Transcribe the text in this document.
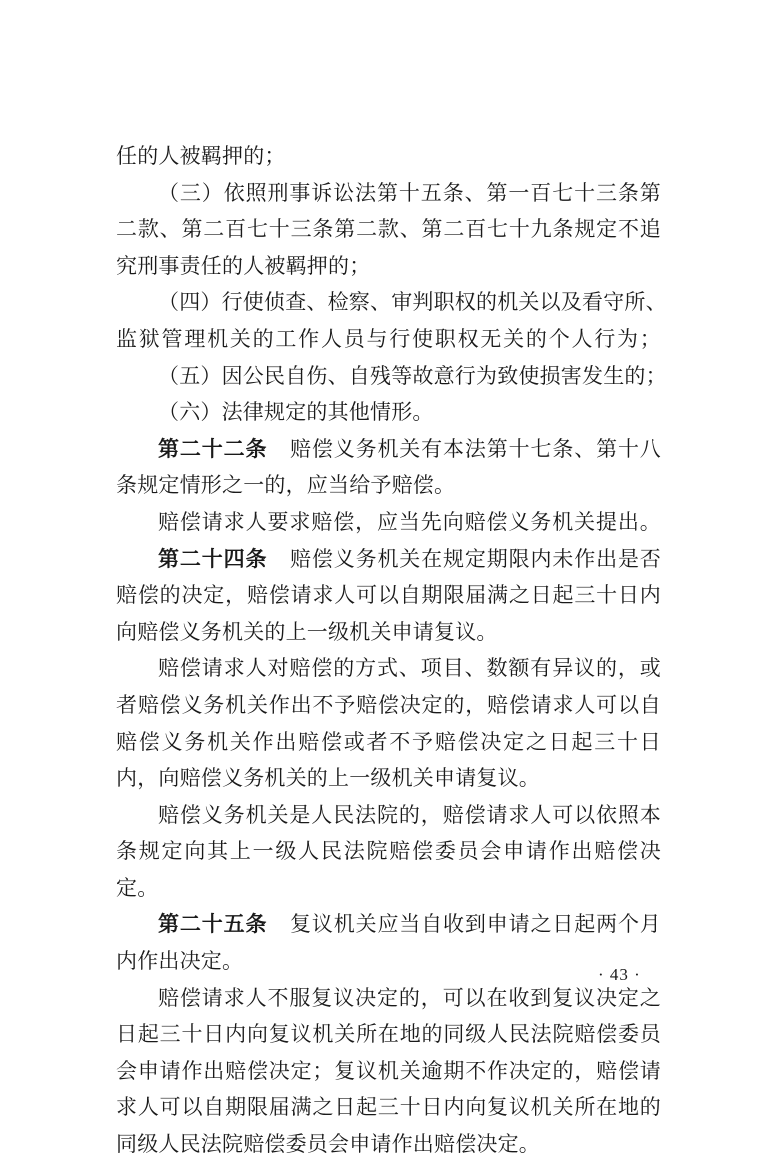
任的人被羁押的；
（三）依照刑事诉讼法第十五条、第一百七十三条第
二款、第二百七十三条第二款、第二百七十九条规定不追
究刑事责任的人被羁押的；
（四）行使侦查、检察、审判职权的机关以及看守所、
监狱管理机关的工作人员与行使职权无关的个人行为；
（五）因公民自伤、自残等故意行为致使损害发生的；
（六）法律规定的其他情形。
第二十二条 赔偿义务机关有本法第十七条、第十八
条规定情形之一的，应当给予赔偿。
赔偿请求人要求赔偿，应当先向赔偿义务机关提出。
第二十四条 赔偿义务机关在规定期限内未作出是否
赔偿的决定，赔偿请求人可以自期限届满之日起三十日内
向赔偿义务机关的上一级机关申请复议。
赔偿请求人对赔偿的方式、项目、数额有异议的，或
者赔偿义务机关作出不予赔偿决定的，赔偿请求人可以自
赔偿义务机关作出赔偿或者不予赔偿决定之日起三十日
内，向赔偿义务机关的上一级机关申请复议。
赔偿义务机关是人民法院的，赔偿请求人可以依照本
条规定向其上一级人民法院赔偿委员会申请作出赔偿决
定。
第二十五条 复议机关应当自收到申请之日起两个月
内作出决定。
赔偿请求人不服复议决定的，可以在收到复议决定之
日起三十日内向复议机关所在地的同级人民法院赔偿委员
会申请作出赔偿决定；复议机关逾期不作决定的，赔偿请
求人可以自期限届满之日起三十日内向复议机关所在地的
同级人民法院赔偿委员会申请作出赔偿决定。
· 43 ·
